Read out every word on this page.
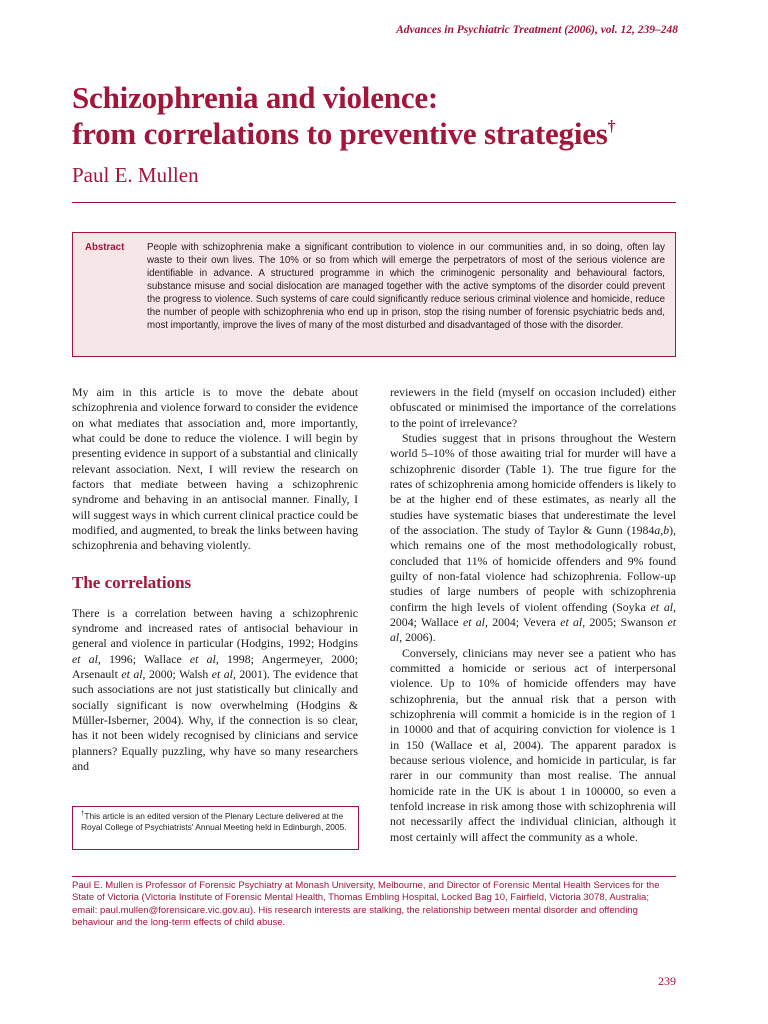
Advances in Psychiatric Treatment (2006), vol. 12, 239–248
Schizophrenia and violence:
from correlations to preventive strategies†
Paul E. Mullen
Abstract	People with schizophrenia make a significant contribution to violence in our communities and, in so doing, often lay waste to their own lives. The 10% or so from which will emerge the perpetrators of most of the serious violence are identifiable in advance. A structured programme in which the criminogenic personality and behavioural factors, substance misuse and social dislocation are managed together with the active symptoms of the disorder could prevent the progress to violence. Such systems of care could significantly reduce serious criminal violence and homicide, reduce the number of people with schizophrenia who end up in prison, stop the rising number of forensic psychiatric beds and, most importantly, improve the lives of many of the most disturbed and disadvantaged of those with the disorder.

My aim in this article is to move the debate about schizophrenia and violence forward to consider the evidence on what mediates that association and, more importantly, what could be done to reduce the violence. I will begin by presenting evidence in support of a substantial and clinically relevant association. Next, I will review the research on factors that mediate between having a schizophrenic syndrome and behaving in an antisocial manner. Finally, I will suggest ways in which current clinical practice could be modified, and augmented, to break the links between having schizophrenia and behaving violently.

The correlations

There is a correlation between having a schizophrenic syndrome and increased rates of antisocial behaviour in general and violence in particular (Hodgins, 1992; Hodgins et al, 1996; Wallace et al, 1998; Angermeyer, 2000; Arsenault et al, 2000; Walsh et al, 2001). The evidence that such associations are not just statistically but clinically and socially significant is now overwhelming (Hodgins & Müller-Isberner, 2004). Why, if the connection is so clear, has it not been widely recognised by clinicians and service planners? Equally puzzling, why have so many researchers and

reviewers in the field (myself on occasion included) either obfuscated or minimised the importance of the correlations to the point of irrelevance?

Studies suggest that in prisons throughout the Western world 5–10% of those awaiting trial for murder will have a schizophrenic disorder (Table 1). The true figure for the rates of schizophrenia among homicide offenders is likely to be at the higher end of these estimates, as nearly all the studies have systematic biases that underestimate the level of the association. The study of Taylor & Gunn (1984a,b), which remains one of the most methodologically robust, concluded that 11% of homicide offenders and 9% found guilty of non-fatal violence had schizophrenia. Follow-up studies of large numbers of people with schizophrenia confirm the high levels of violent offending (Soyka et al, 2004; Wallace et al, 2004; Vevera et al, 2005; Swanson et al, 2006).

Conversely, clinicians may never see a patient who has committed a homicide or serious act of interpersonal violence. Up to 10% of homicide offenders may have schizophrenia, but the annual risk that a person with schizophrenia will commit a homicide is in the region of 1 in 10000 and that of acquiring conviction for violence is 1 in 150 (Wallace et al, 2004). The apparent paradox is because serious violence, and homicide in particular, is far rarer in our community than most realise. The annual homicide rate in the UK is about 1 in 100000, so even a tenfold increase in risk among those with schizophrenia will not necessarily affect the individual clinician, although it most certainly will affect the community as a whole.

†This article is an edited version of the Plenary Lecture delivered at the Royal College of Psychiatrists' Annual Meeting held in Edinburgh, 2005.
Paul E. Mullen is Professor of Forensic Psychiatry at Monash University, Melbourne, and Director of Forensic Mental Health Services for the State of Victoria (Victoria Institute of Forensic Mental Health, Thomas Embling Hospital, Locked Bag 10, Fairfield, Victoria 3078, Australia; email: paul.mullen@forensicare.vic.gov.au). His research interests are stalking, the relationship between mental disorder and offending behaviour and the long-term effects of child abuse.
239
